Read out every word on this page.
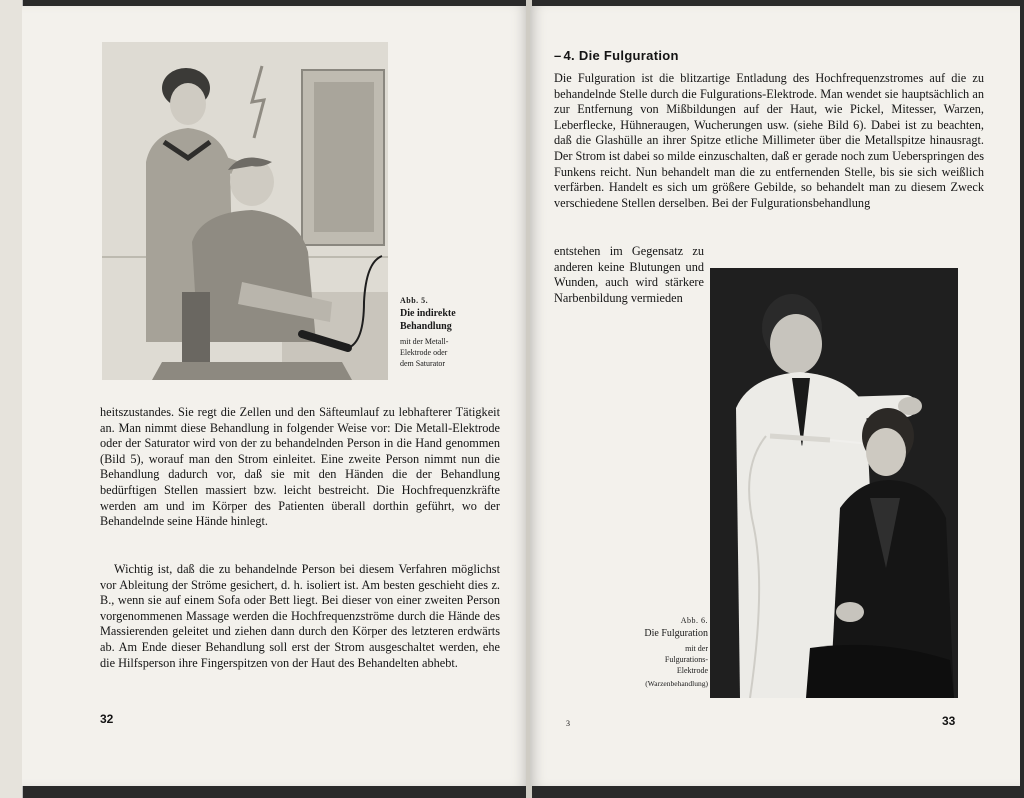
Abb. 5.
Die indirekte
Behandlung
mit der Metall-
Elektrode oder
dem Saturator

heitszustandes. Sie regt die Zellen und den Säfteumlauf zu lebhafterer Tätigkeit an. Man nimmt diese Behandlung in folgender Weise vor: Die Metall-Elektrode oder der Saturator wird von der zu behandelnden Person in die Hand genommen (Bild 5), worauf man den Strom einleitet. Eine zweite Person nimmt nun die Behandlung dadurch vor, daß sie mit den Händen die der Behandlung bedürftigen Stellen massiert bzw. leicht bestreicht. Die Hochfrequenzkräfte werden am und im Körper des Patienten überall dorthin geführt, wo der Behandelnde seine Hände hinlegt.

Wichtig ist, daß die zu behandelnde Person bei diesem Verfahren möglichst vor Ableitung der Ströme gesichert, d. h. isoliert ist. Am besten geschieht dies z. B., wenn sie auf einem Sofa oder Bett liegt. Bei dieser von einer zweiten Person vorgenommenen Massage werden die Hochfrequenzströme durch die Hände des Massierenden geleitet und ziehen dann durch den Körper des letzteren erdwärts ab. Am Ende dieser Behandlung soll erst der Strom ausgeschaltet werden, ehe die Hilfsperson ihre Fingerspitzen von der Haut des Behandelten abhebt.

32
– 4. Die Fulguration

Die Fulguration ist die blitzartige Entladung des Hochfrequenzstromes auf die zu behandelnde Stelle durch die Fulgurations-Elektrode. Man wendet sie hauptsächlich an zur Entfernung von Mißbildungen auf der Haut, wie Pickel, Mitesser, Warzen, Leberflecke, Hühneraugen, Wucherungen usw. (siehe Bild 6). Dabei ist zu beachten, daß die Glashülle an ihrer Spitze etliche Millimeter über die Metallspitze hinausragt. Der Strom ist dabei so milde einzuschalten, daß er gerade noch zum Ueberspringen des Funkens reicht. Nun behandelt man die zu entfernenden Stelle, bis sie sich weißlich verfärben. Handelt es sich um größere Gebilde, so behandelt man zu diesem Zweck verschiedene Stellen derselben. Bei der Fulgurationsbehandlung

entstehen im Gegensatz zu anderen keine Blutungen und Wunden, auch wird stärkere Narbenbildung vermieden

Abb. 6.
Die Fulguration
mit der
Fulgurations-
Elektrode
(Warzenbehandlung)
3	33
